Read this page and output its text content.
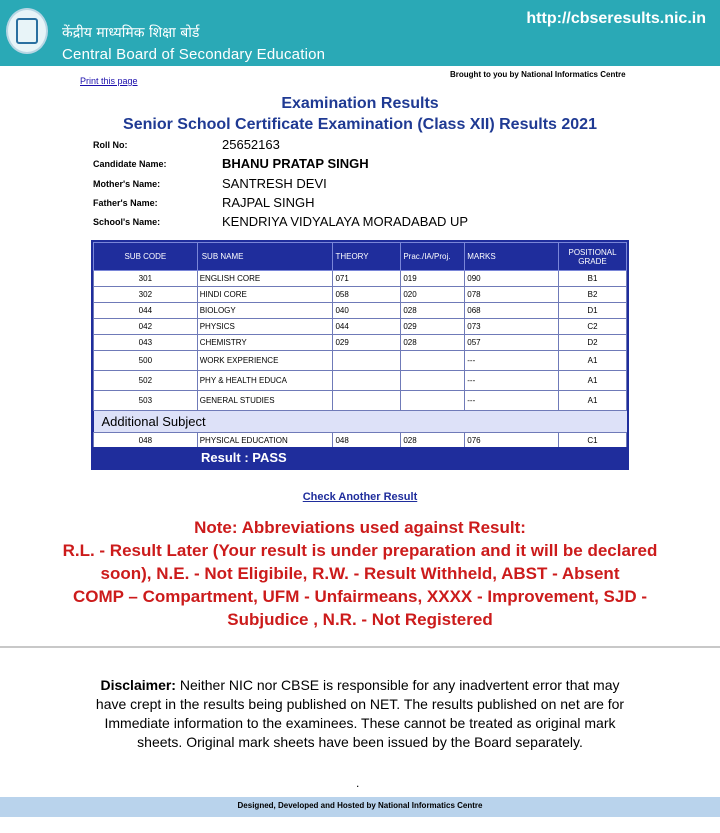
केंद्रीय माध्यमिक शिक्षा बोर्ड
Central Board of Secondary Education
http://cbseresults.nic.in
Print this page
Brought to you by National Informatics Centre
Examination Results
Senior School Certificate Examination (Class XII) Results 2021
Roll No:	25652163
Candidate Name:	BHANU PRATAP SINGH
Mother's Name:	SANTRESH DEVI
Father's Name:	RAJPAL SINGH
School's Name:	KENDRIYA VIDYALAYA MORADABAD UP
SUB CODE	SUB NAME	THEORY	Prac./IA/Proj.	MARKS	POSITIONAL GRADE
301	ENGLISH CORE	071	019	090	B1
302	HINDI CORE	058	020	078	B2
044	BIOLOGY	040	028	068	D1
042	PHYSICS	044	029	073	C2
043	CHEMISTRY	029	028	057	D2
500	WORK EXPERIENCE			---	A1
502	PHY & HEALTH EDUCA			---	A1
503	GENERAL STUDIES			---	A1
Additional Subject					
048	PHYSICAL EDUCATION	048	028	076	C1
Result : PASS
Check Another Result
Note: Abbreviations used against Result:
R.L. - Result Later (Your result is under preparation and it will be declared
soon), N.E. - Not Eligibile, R.W. - Result Withheld, ABST - Absent
COMP – Compartment, UFM - Unfairmeans, XXXX - Improvement, SJD -
Subjudice , N.R. - Not Registered
Disclaimer: Neither NIC nor CBSE is responsible for any inadvertent error that may have crept in the results being published on NET. The results published on net are for Immediate information to the examinees. These cannot be treated as original mark sheets. Original mark sheets have been issued by the Board separately.
.
Designed, Developed and Hosted by National Informatics Centre
